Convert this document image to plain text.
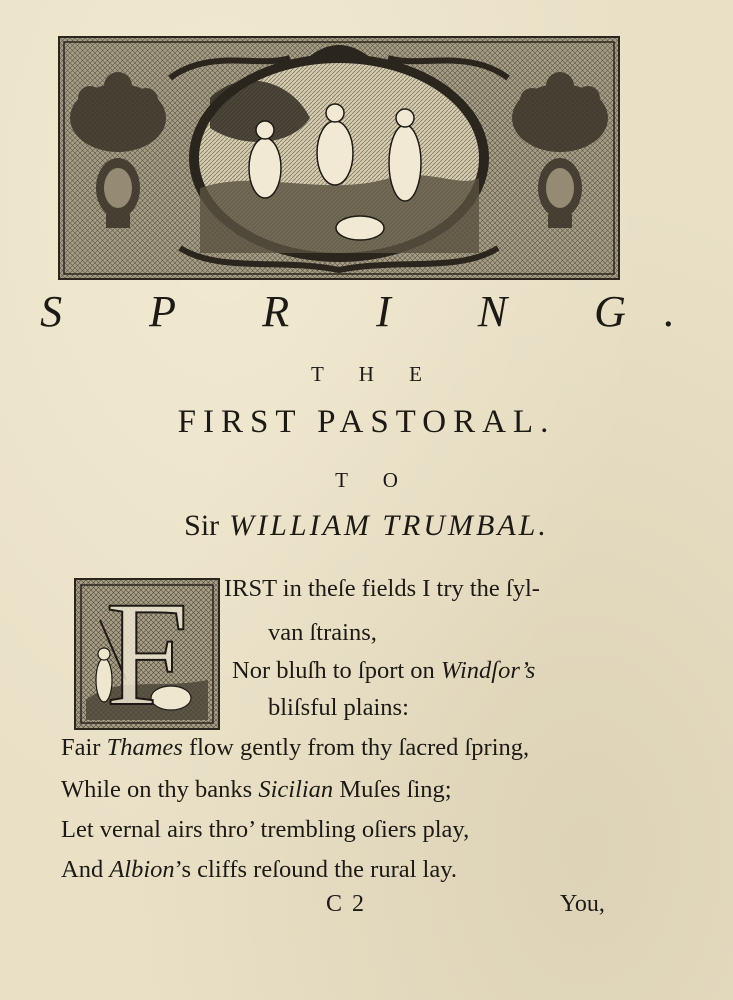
S P R I N G.
T H E
FIRST PASTORAL.
T O
Sir WILLIAM TRUMBAL.
F	IRST in theſe fields I try the ſyl-
van ſtrains,
Nor bluſh to ſport on Windſor’s
bliſsful plains:
Fair Thames flow gently from thy ſacred ſpring,
While on thy banks Sicilian Muſes ſing;
Let vernal airs thro’ trembling oſiers play,
And Albion’s cliffs reſound the rural lay.
C 2	You,
